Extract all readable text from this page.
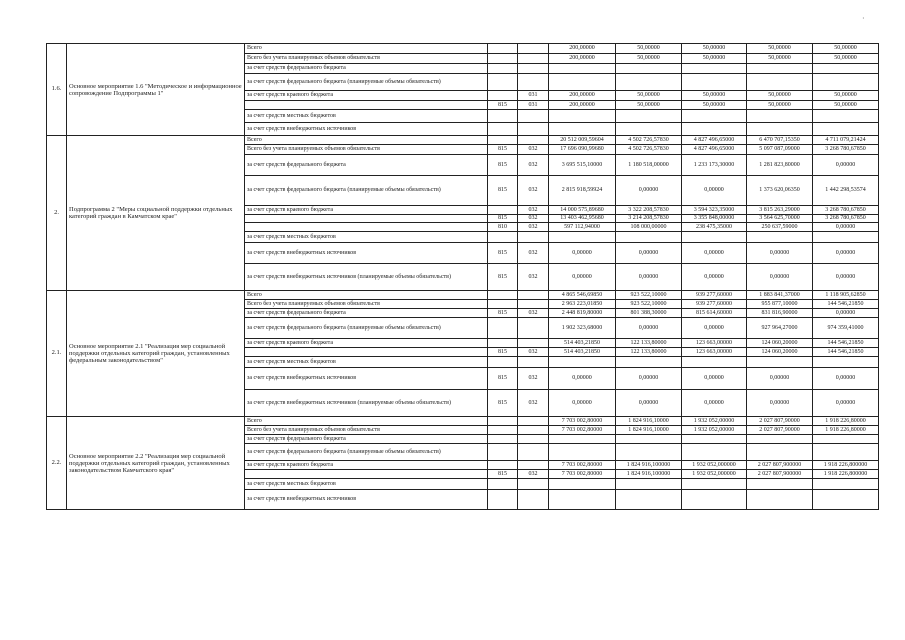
·
1.6.	Основное мероприятие 1.6 "Методическое и информационное сопровождение Подпрограммы 1"	Всего			200,00000	50,00000	50,00000	50,00000	50,00000
		Всего без учета планируемых объемов обязательств			200,00000	50,00000	50,00000	50,00000	50,00000
		за счет средств федерального бюджета							
		за счет средств федерального бюджета (планируемые объемы обязательств)							
		за счет средств краевого бюджета		031	200,00000	50,00000	50,00000	50,00000	50,00000
			815	031	200,00000	50,00000	50,00000	50,00000	50,00000
		за счет средств местных бюджетов							
		за счет средств внебюджетных источников							
2.	Подпрограмма 2 "Меры социальной поддержки отдельных категорий граждан в Камчатском крае"	Всего			20 512 009,59604	4 502 726,57830	4 827 496,65000	6 470 707,15350	4 711 079,21424
		Всего без учета планируемых объемов обязательств	815	032	17 696 090,99680	4 502 726,57830	4 827 496,65000	5 097 087,09000	3 268 780,67850
		за счет средств федерального бюджета	815	032	3 695 515,10000	1 180 518,00000	1 233 173,30000	1 281 823,80000	0,00000
		за счет средств федерального бюджета (планируемые объемы обязательств)	815	032	2 815 918,59924	0,00000	0,00000	1 373 620,06350	1 442 298,53574
		за счет средств краевого бюджета		032	14 000 575,89680	3 322 208,57830	3 594 323,35000	3 815 263,29000	3 268 780,67850
			815	032	13 403 462,95680	3 214 208,57830	3 355 848,00000	3 564 625,70000	3 268 780,67850
			810	032	597 112,94000	108 000,00000	238 475,35000	250 637,59000	0,00000
		за счет средств местных бюджетов							
		за счет средств внебюджетных источников	815	032	0,00000	0,00000	0,00000	0,00000	0,00000
		за счет средств внебюджетных источников (планируемые объемы обязательств)	815	032	0,00000	0,00000	0,00000	0,00000	0,00000
2.1.	Основное мероприятие 2.1 "Реализация мер социальной поддержки отдельных категорий граждан, установленных федеральным законодательством"	Всего			4 865 546,69850	923 522,10000	939 277,60000	1 883 841,37000	1 118 905,62850
		Всего без учета планируемых объемов обязательств			2 963 223,01850	923 522,10000	939 277,60000	955 877,10000	144 546,21850
		за счет средств федерального бюджета	815	032	2 448 819,80000	801 388,30000	815 614,60000	831 816,90000	0,00000
		за счет средств федерального бюджета (планируемые объемы обязательств)			1 902 323,68000	0,00000	0,00000	927 964,27000	974 359,41000
		за счет средств краевого бюджета			514 403,21850	122 133,80000	123 663,00000	124 060,20000	144 546,21850
			815	032	514 403,21850	122 133,80000	123 663,00000	124 060,20000	144 546,21850
		за счет средств местных бюджетов							
		за счет средств внебюджетных источников	815	032	0,00000	0,00000	0,00000	0,00000	0,00000
		за счет средств внебюджетных источников (планируемые объемы обязательств)	815	032	0,00000	0,00000	0,00000	0,00000	0,00000
2.2.	Основное мероприятие 2.2 "Реализация мер социальной поддержки отдельных категорий граждан, установленных законодательством Камчатского края"	Всего			7 703 002,80000	1 824 916,10000	1 932 052,00000	2 027 807,90000	1 918 226,80000
		Всего без учета планируемых объемов обязательств			7 703 002,80000	1 824 916,10000	1 932 052,00000	2 027 807,90000	1 918 226,80000
		за счет средств федерального бюджета							
		за счет средств федерального бюджета (планируемые объемы обязательств)							
		за счет средств краевого бюджета			7 703 002,80000	1 824 916,100000	1 932 052,000000	2 027 807,900000	1 918 226,800000
			815	032	7 703 002,80000	1 824 916,100000	1 932 052,000000	2 027 807,900000	1 918 226,800000
		за счет средств местных бюджетов							
		за счет средств внебюджетных источников							
